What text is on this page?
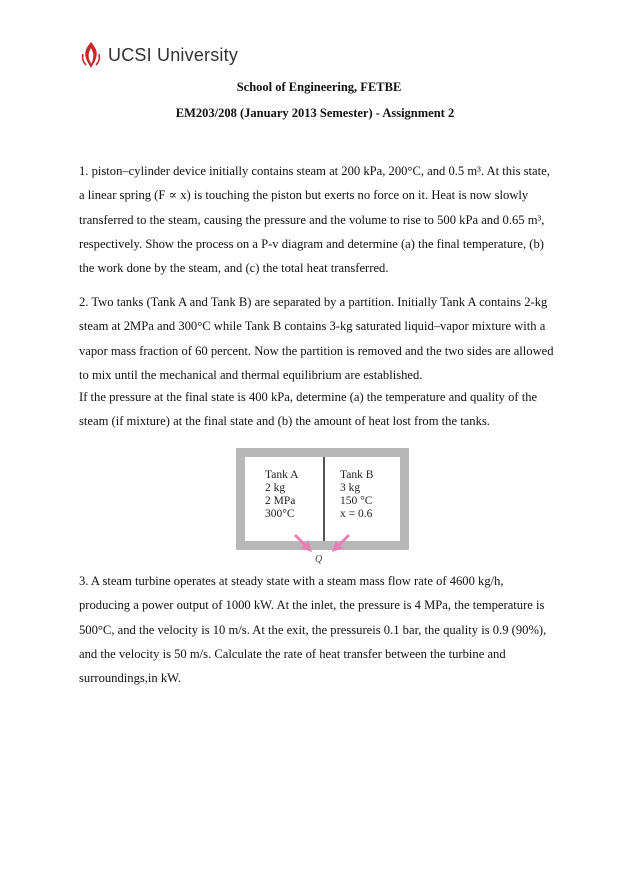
UCSI University
School of Engineering, FETBE
EM203/208 (January 2013 Semester) - Assignment 2
1. piston–cylinder device initially contains steam at 200 kPa, 200°C, and 0.5 m³. At this state,
a linear spring (F ∝ x) is touching the piston but exerts no force on it. Heat is now slowly
transferred to the steam, causing the pressure and the volume to rise to 500 kPa and 0.65 m³,
respectively. Show the process on a P-v diagram and determine (a) the final temperature, (b)
the work done by the steam, and (c) the total heat transferred.
2. Two tanks (Tank A and Tank B) are separated by a partition. Initially Tank A contains 2-kg
steam at 2MPa and 300°C while Tank B contains 3-kg saturated liquid–vapor mixture with a
vapor mass fraction of 60 percent. Now the partition is removed and the two sides are allowed
to mix until the mechanical and thermal equilibrium are established.
If the pressure at the final state is 400 kPa, determine (a) the temperature and quality of the
steam (if mixture) at the final state and (b) the amount of heat lost from the tanks.
Tank A
2 kg
2 MPa
300°C
Tank B
3 kg
150 °C
x = 0.6
Q
3. A steam turbine operates at steady state with a steam mass flow rate of 4600 kg/h,
producing a power output of 1000 kW. At the inlet, the pressure is 4 MPa, the temperature is
500°C, and the velocity is 10 m/s. At the exit, the pressureis 0.1 bar, the quality is 0.9 (90%),
and the velocity is 50 m/s. Calculate the rate of heat transfer between the turbine and
surroundings,in kW.
